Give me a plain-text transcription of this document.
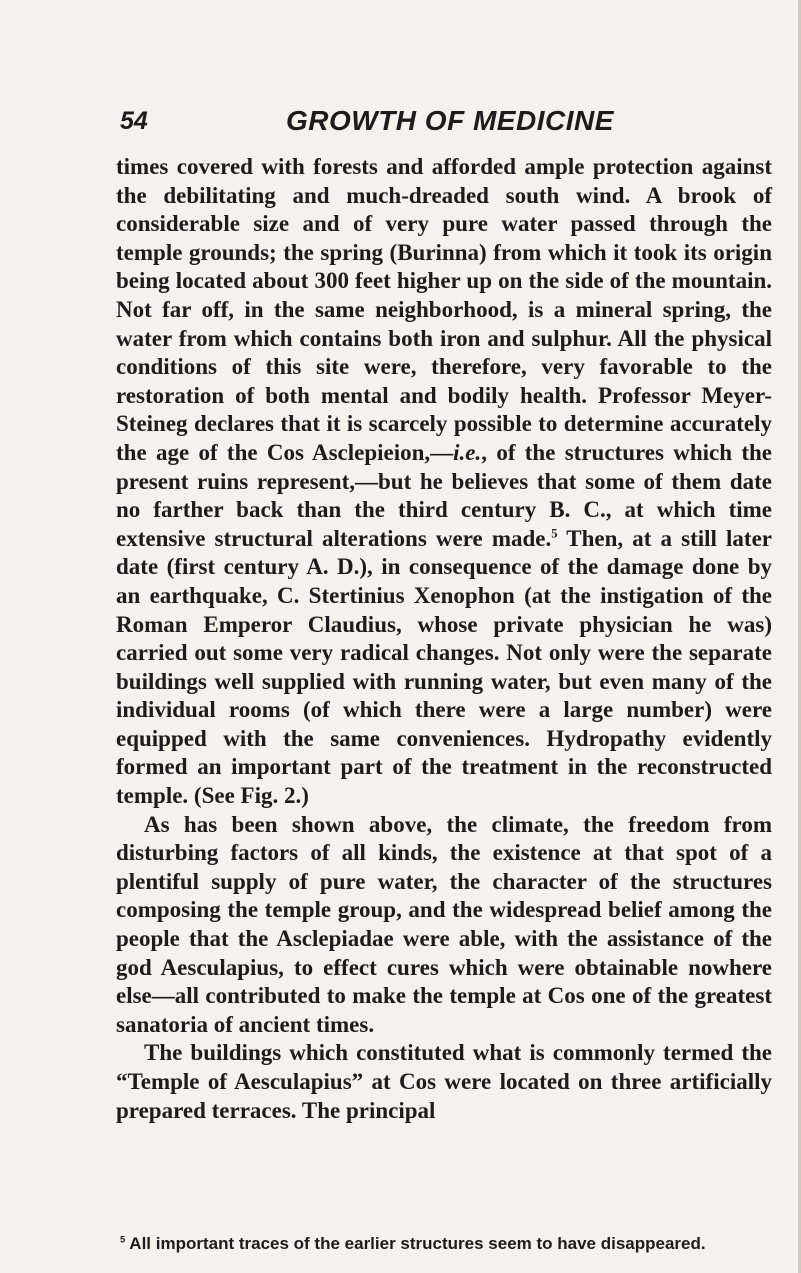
54	GROWTH OF MEDICINE

times covered with forests and afforded ample protection against the debilitating and much-dreaded south wind. A brook of considerable size and of very pure water passed through the temple grounds; the spring (Burinna) from which it took its origin being located about 300 feet higher up on the side of the mountain. Not far off, in the same neighborhood, is a mineral spring, the water from which contains both iron and sulphur. All the physical conditions of this site were, therefore, very favorable to the restoration of both mental and bodily health. Professor Meyer-Steineg declares that it is scarcely possible to determine accurately the age of the Cos Asclepieion,—i.e., of the structures which the present ruins represent,—but he believes that some of them date no farther back than the third century B. C., at which time extensive structural alterations were made.$^5$ Then, at a still later date (first century A. D.), in consequence of the damage done by an earthquake, C. Stertinius Xenophon (at the instigation of the Roman Emperor Claudius, whose private physician he was) carried out some very radical changes. Not only were the separate buildings well supplied with running water, but even many of the individual rooms (of which there were a large number) were equipped with the same conveniences. Hydropathy evidently formed an important part of the treatment in the reconstructed temple. (See Fig. 2.)

As has been shown above, the climate, the freedom from disturbing factors of all kinds, the existence at that spot of a plentiful supply of pure water, the character of the structures composing the temple group, and the widespread belief among the people that the Asclepiadae were able, with the assistance of the god Aesculapius, to effect cures which were obtainable nowhere else—all contributed to make the temple at Cos one of the greatest sanatoria of ancient times.

The buildings which constituted what is commonly termed the “Temple of Aesculapius” at Cos were located on three artificially prepared terraces. The principal

$^5$ All important traces of the earlier structures seem to have disappeared.
